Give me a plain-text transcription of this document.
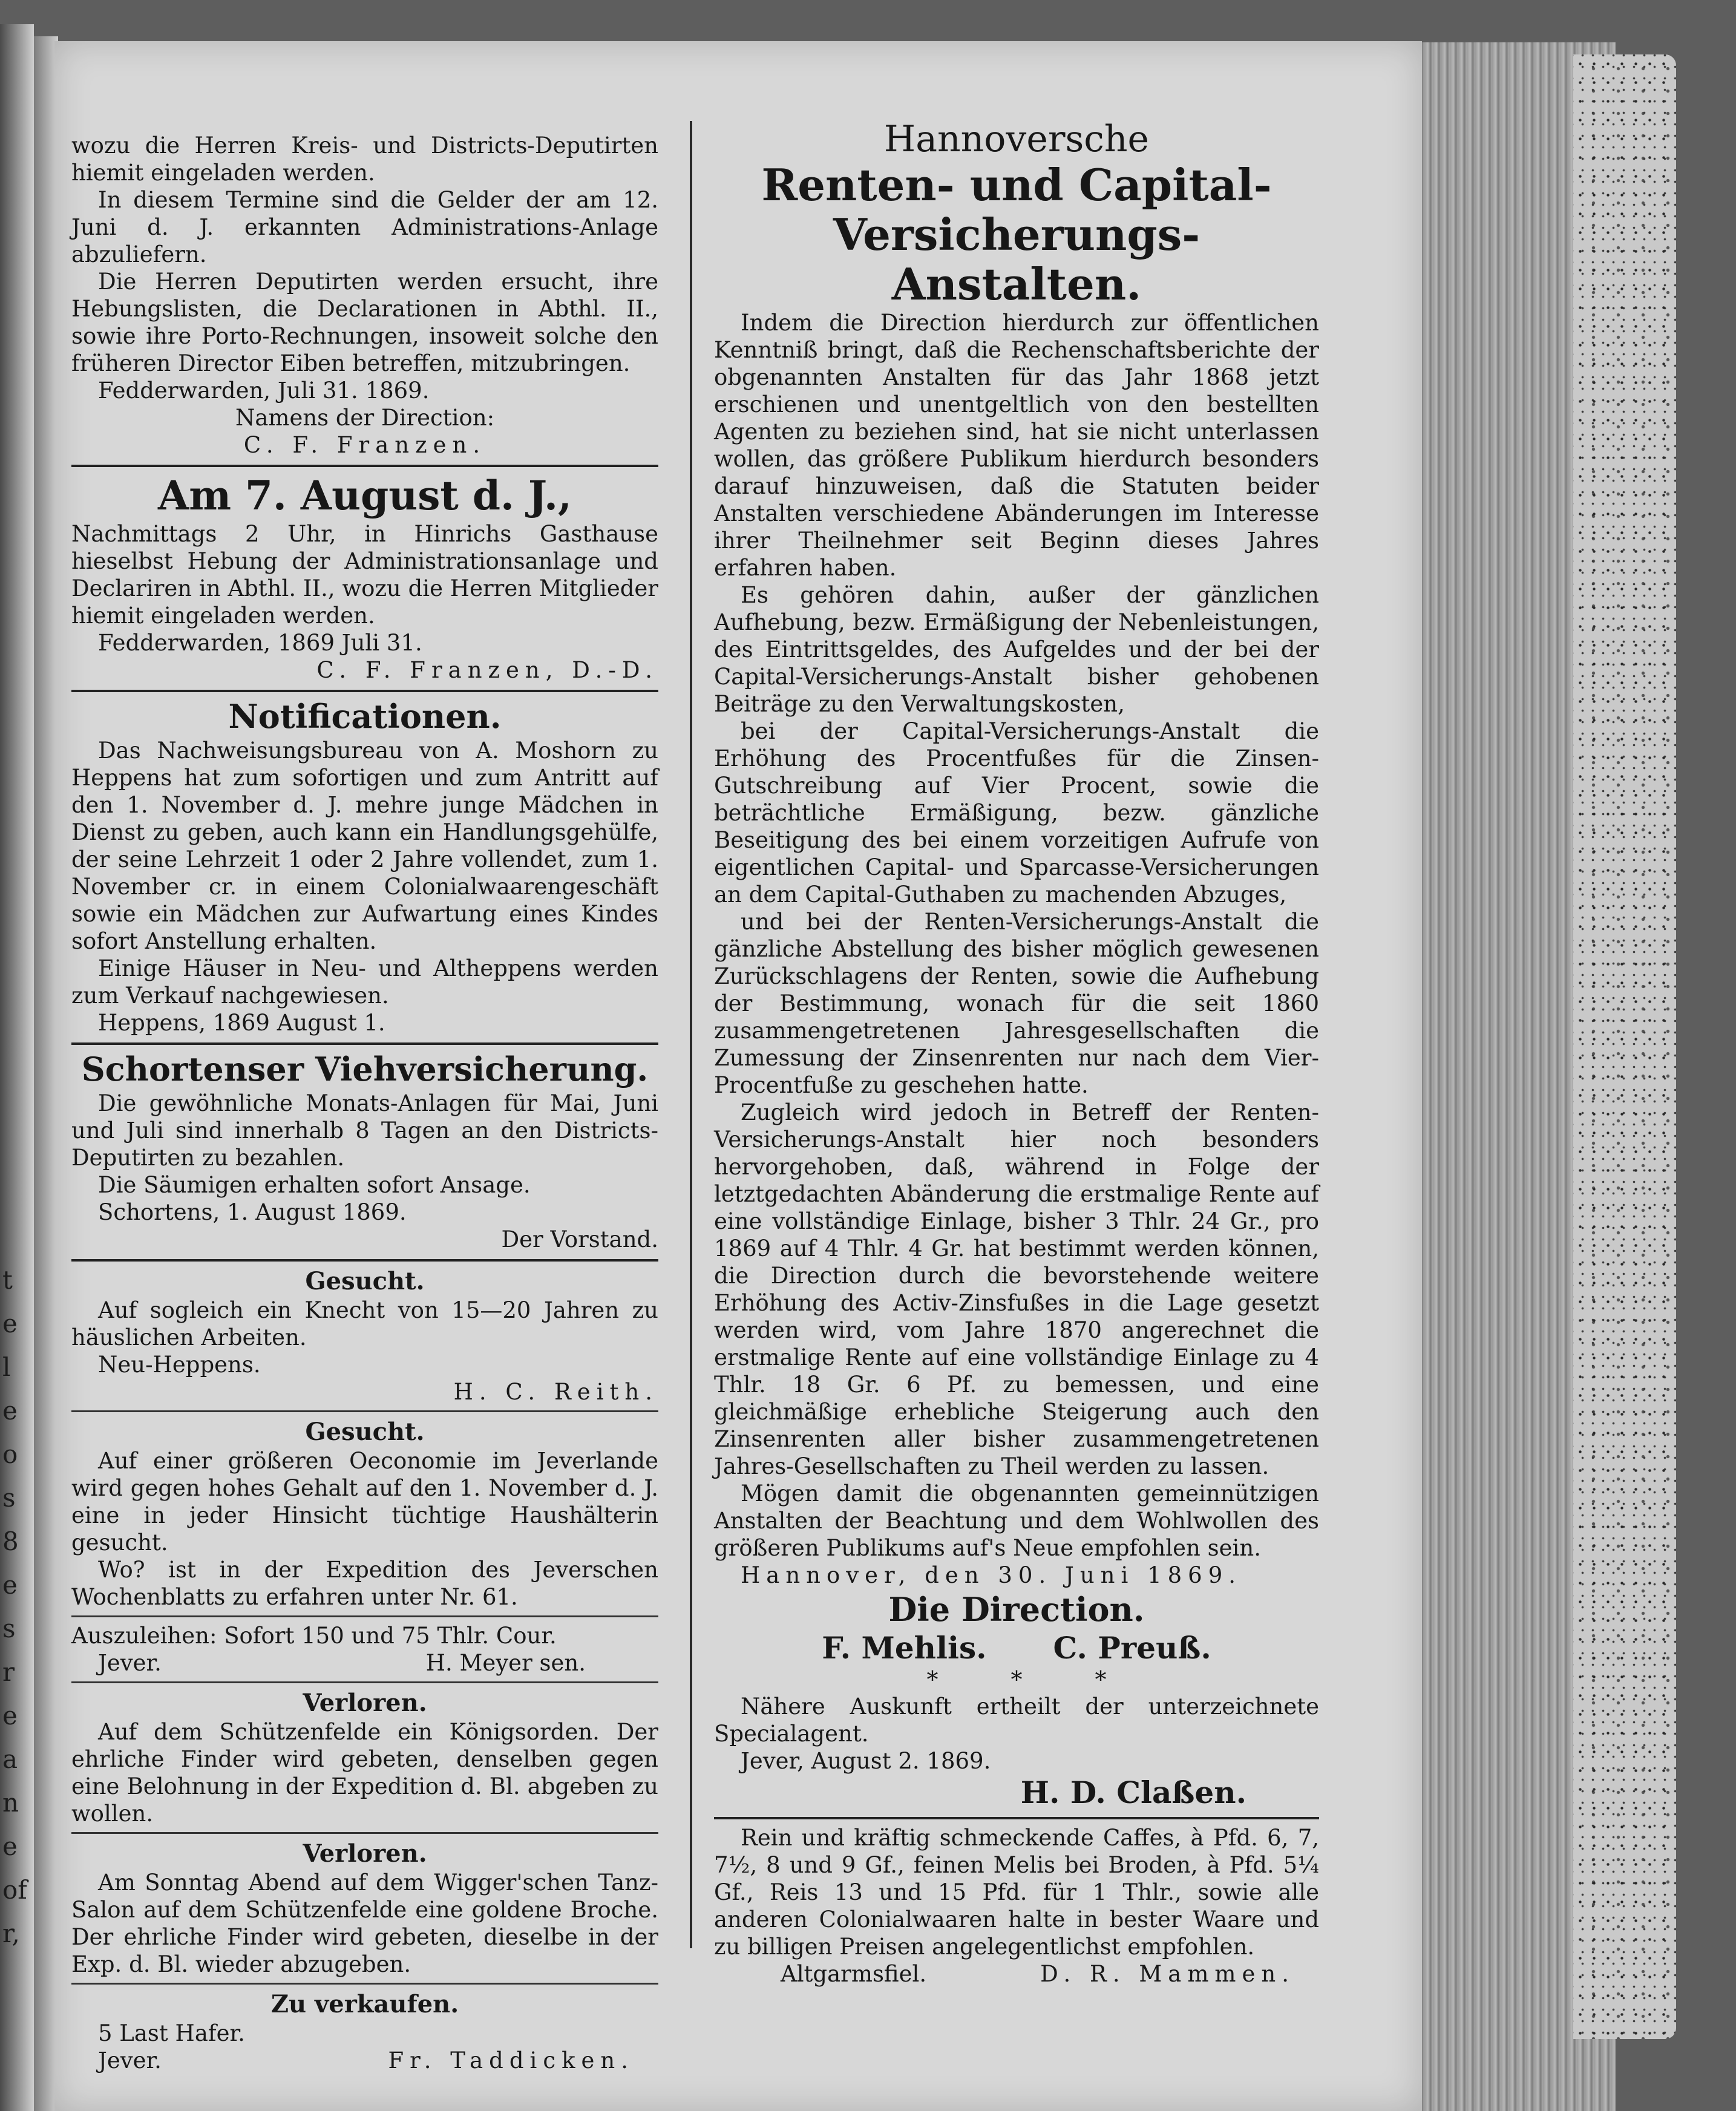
t
e
l
e
o
s
8
e
s
r
e
a
n
e
of
r,

wozu die Herren Kreis- und Districts-Deputirten hiemit eingeladen werden.

In diesem Termine sind die Gelder der am 12. Juni d. J. erkannten Administrations-Anlage abzuliefern.

Die Herren Deputirten werden ersucht, ihre Hebungslisten, die Declarationen in Abthl. II., sowie ihre Porto-Rechnungen, insoweit solche den früheren Director Eiben betreffen, mitzubringen.

Fedderwarden, Juli 31. 1869.

Namens der Direction:

C. F. Franzen.

Am 7. August d. J.,

Nachmittags 2 Uhr, in Hinrichs Gasthause hieselbst Hebung der Administrationsanlage und Declariren in Abthl. II., wozu die Herren Mitglieder hiemit eingeladen werden.

Fedderwarden, 1869 Juli 31.

C. F. Franzen, D.-D.

Notificationen.

Das Nachweisungsbureau von A. Moshorn zu Heppens hat zum sofortigen und zum Antritt auf den 1. November d. J. mehre junge Mädchen in Dienst zu geben, auch kann ein Handlungsgehülfe, der seine Lehrzeit 1 oder 2 Jahre vollendet, zum 1. November cr. in einem Colonialwaarengeschäft sowie ein Mädchen zur Aufwartung eines Kindes sofort Anstellung erhalten.

Einige Häuser in Neu- und Altheppens werden zum Verkauf nachgewiesen.

Heppens, 1869 August 1.

Schortenser Viehversicherung.

Die gewöhnliche Monats-Anlagen für Mai, Juni und Juli sind innerhalb 8 Tagen an den Districts-Deputirten zu bezahlen.

Die Säumigen erhalten sofort Ansage.

Schortens, 1. August 1869.

Der Vorstand.

Gesucht.

Auf sogleich ein Knecht von 15—20 Jahren zu häuslichen Arbeiten.

Neu-Heppens.

H. C. Reith.

Gesucht.

Auf einer größeren Oeconomie im Jeverlande wird gegen hohes Gehalt auf den 1. November d. J. eine in jeder Hinsicht tüchtige Haushälterin gesucht.

Wo? ist in der Expedition des Jeverschen Wochenblatts zu erfahren unter Nr. 61.

Auszuleihen: Sofort 150 und 75 Thlr. Cour.

Jever.	H. Meyer sen.

Verloren.

Auf dem Schützenfelde ein Königsorden. Der ehrliche Finder wird gebeten, denselben gegen eine Belohnung in der Expedition d. Bl. abgeben zu wollen.

Verloren.

Am Sonntag Abend auf dem Wigger'schen Tanz-Salon auf dem Schützenfelde eine goldene Broche. Der ehrliche Finder wird gebeten, dieselbe in der Exp. d. Bl. wieder abzugeben.

Zu verkaufen.

5 Last Hafer.

Jever.	Fr. Taddicken.

Hannoversche

Renten- und Capital-

Versicherungs-Anstalten.

Indem die Direction hierdurch zur öffentlichen Kenntniß bringt, daß die Rechenschaftsberichte der obgenannten Anstalten für das Jahr 1868 jetzt erschienen und unentgeltlich von den bestellten Agenten zu beziehen sind, hat sie nicht unterlassen wollen, das größere Publikum hierdurch besonders darauf hinzuweisen, daß die Statuten beider Anstalten verschiedene Abänderungen im Interesse ihrer Theilnehmer seit Beginn dieses Jahres erfahren haben.

Es gehören dahin, außer der gänzlichen Aufhebung, bezw. Ermäßigung der Nebenleistungen, des Eintrittsgeldes, des Aufgeldes und der bei der Capital-Versicherungs-Anstalt bisher gehobenen Beiträge zu den Verwaltungskosten,

bei der Capital-Versicherungs-Anstalt die Erhöhung des Procentfußes für die Zinsen-Gutschreibung auf Vier Procent, sowie die beträchtliche Ermäßigung, bezw. gänzliche Beseitigung des bei einem vorzeitigen Aufrufe von eigentlichen Capital- und Sparcasse-Versicherungen an dem Capital-Guthaben zu machenden Abzuges,

und bei der Renten-Versicherungs-Anstalt die gänzliche Abstellung des bisher möglich gewesenen Zurückschlagens der Renten, sowie die Aufhebung der Bestimmung, wonach für die seit 1860 zusammengetretenen Jahresgesellschaften die Zumessung der Zinsenrenten nur nach dem Vier-Procentfuße zu geschehen hatte.

Zugleich wird jedoch in Betreff der Renten-Versicherungs-Anstalt hier noch besonders hervorgehoben, daß, während in Folge der letztgedachten Abänderung die erstmalige Rente auf eine vollständige Einlage, bisher 3 Thlr. 24 Gr., pro 1869 auf 4 Thlr. 4 Gr. hat bestimmt werden können, die Direction durch die bevorstehende weitere Erhöhung des Activ-Zinsfußes in die Lage gesetzt werden wird, vom Jahre 1870 angerechnet die erstmalige Rente auf eine vollständige Einlage zu 4 Thlr. 18 Gr. 6 Pf. zu bemessen, und eine gleichmäßige erhebliche Steigerung auch den Zinsenrenten aller bisher zusammengetretenen Jahres-Gesellschaften zu Theil werden zu lassen.

Mögen damit die obgenannten gemeinnützigen Anstalten der Beachtung und dem Wohlwollen des größeren Publikums auf's Neue empfohlen sein.

Hannover, den 30. Juni 1869.

Die Direction.

F. Mehlis. C. Preuß.
*	*	*

Nähere Auskunft ertheilt der unterzeichnete Specialagent.

Jever, August 2. 1869.

H. D. Claßen.

Rein und kräftig schmeckende Caffes, à Pfd. 6, 7, 7½, 8 und 9 Gf., feinen Melis bei Broden, à Pfd. 5¼ Gf., Reis 13 und 15 Pfd. für 1 Thlr., sowie alle anderen Colonialwaaren halte in bester Waare und zu billigen Preisen angelegentlichst empfohlen.

Altgarmsfiel.	D. R. Mammen.
